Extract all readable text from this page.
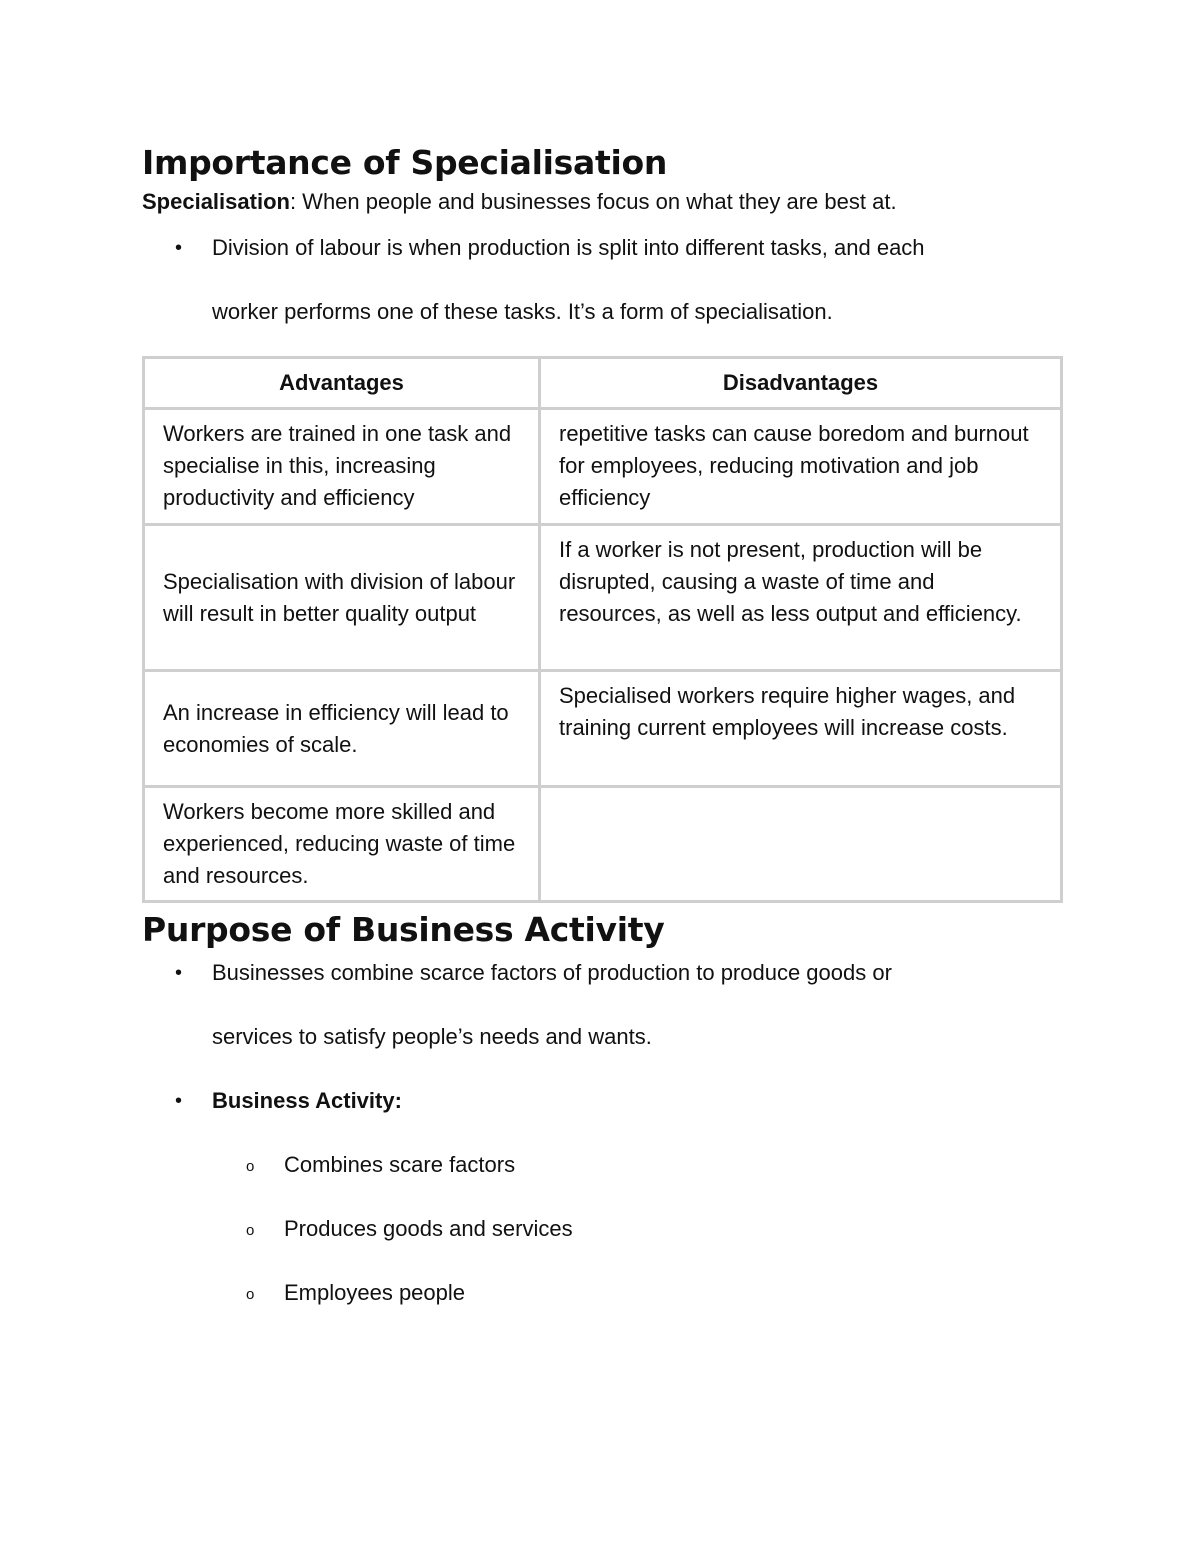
Importance of Specialisation

Specialisation: When people and businesses focus on what they are best at.

• Division of labour is when production is split into different tasks, and each
worker performs one of these tasks. It’s a form of specialisation.
Advantages	Disadvantages
Workers are trained in one task and specialise in this, increasing productivity and efficiency	repetitive tasks can cause boredom and burnout for employees, reducing motivation and job efficiency
Specialisation with division of labour will result in better quality output	If a worker is not present, production will be disrupted, causing a waste of time and resources, as well as less output and efficiency.
An increase in efficiency will lead to economies of scale.	Specialised workers require higher wages, and training current employees will increase costs.
Workers become more skilled and experienced, reducing waste of time and resources.	
Purpose of Business Activity
• Businesses combine scarce factors of production to produce goods or
services to satisfy people’s needs and wants.
• Business Activity:
o Combines scare factors
o Produces goods and services
o Employees people
